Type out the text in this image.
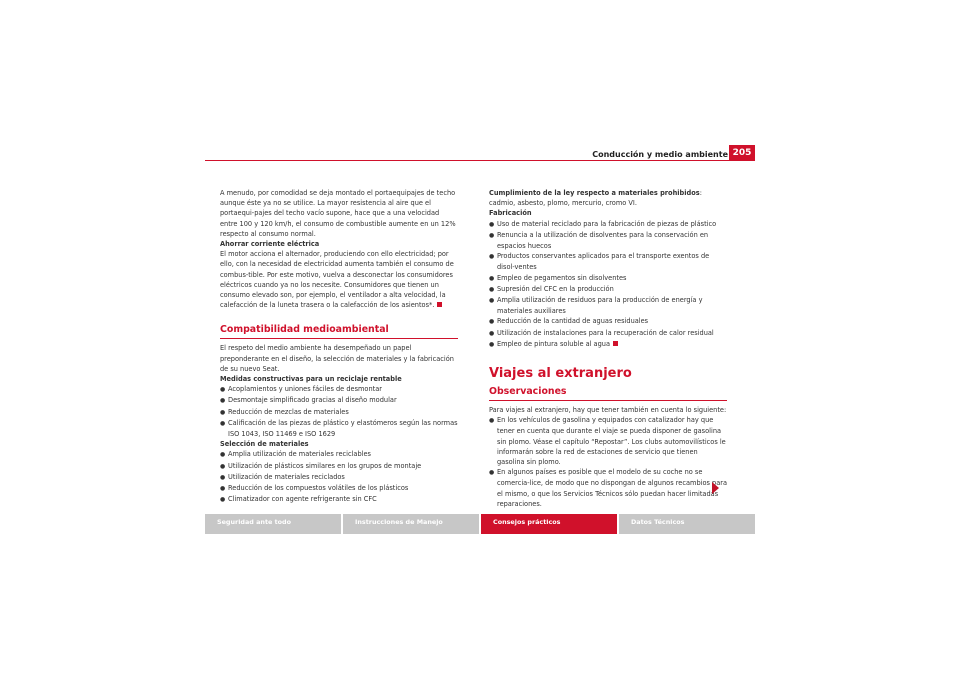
Conducción y medio ambiente 205

A menudo, por comodidad se deja montado el portaequipajes de techo aunque éste ya no se utilice. La mayor resistencia al aire que el portaequi-pajes del techo vacío supone, hace que a una velocidad entre 100 y 120 km/h, el consumo de combustible aumente en un 12% respecto al consumo normal.

Ahorrar corriente eléctrica

El motor acciona el alternador, produciendo con ello electricidad; por ello, con la necesidad de electricidad aumenta también el consumo de combus-tible. Por este motivo, vuelva a desconectar los consumidores eléctricos cuando ya no los necesite. Consumidores que tienen un consumo elevado son, por ejemplo, el ventilador a alta velocidad, la calefacción de la luneta trasera o la calefacción de los asientos*.

Compatibilidad medioambiental

El respeto del medio ambiente ha desempeñado un papel preponderante en el diseño, la selección de materiales y la fabricación de su nuevo Seat.

Medidas constructivas para un reciclaje rentable

● Acoplamientos y uniones fáciles de desmontar
● Desmontaje simplificado gracias al diseño modular
● Reducción de mezclas de materiales
● Calificación de las piezas de plástico y elastómeros según las normas ISO 1043, ISO 11469 e ISO 1629

Selección de materiales

● Amplia utilización de materiales reciclables
● Utilización de plásticos similares en los grupos de montaje
● Utilización de materiales reciclados
● Reducción de los compuestos volátiles de los plásticos
● Climatizador con agente refrigerante sin CFC

Cumplimiento de la ley respecto a materiales prohibidos: cadmio, asbesto, plomo, mercurio, cromo VI.

Fabricación

● Uso de material reciclado para la fabricación de piezas de plástico
● Renuncia a la utilización de disolventes para la conservación en espacios huecos
● Productos conservantes aplicados para el transporte exentos de disol-ventes
● Empleo de pegamentos sin disolventes
● Supresión del CFC en la producción
● Amplia utilización de residuos para la producción de energía y materiales auxiliares
● Reducción de la cantidad de aguas residuales
● Utilización de instalaciones para la recuperación de calor residual
● Empleo de pintura soluble al agua
Viajes al extranjero
Observaciones

Para viajes al extranjero, hay que tener también en cuenta lo siguiente:

● En los vehículos de gasolina y equipados con catalizador hay que tener en cuenta que durante el viaje se pueda disponer de gasolina sin plomo. Véase el capítulo “Repostar”. Los clubs automovilísticos le informarán sobre la red de estaciones de servicio que tienen gasolina sin plomo.
● En algunos países es posible que el modelo de su coche no se comercia-lice, de modo que no dispongan de algunos recambios para el mismo, o que los Servicios Técnicos sólo puedan hacer limitadas reparaciones.
Seguridad ante todo	Instrucciones de Manejo	Consejos prácticos	Datos Técnicos
